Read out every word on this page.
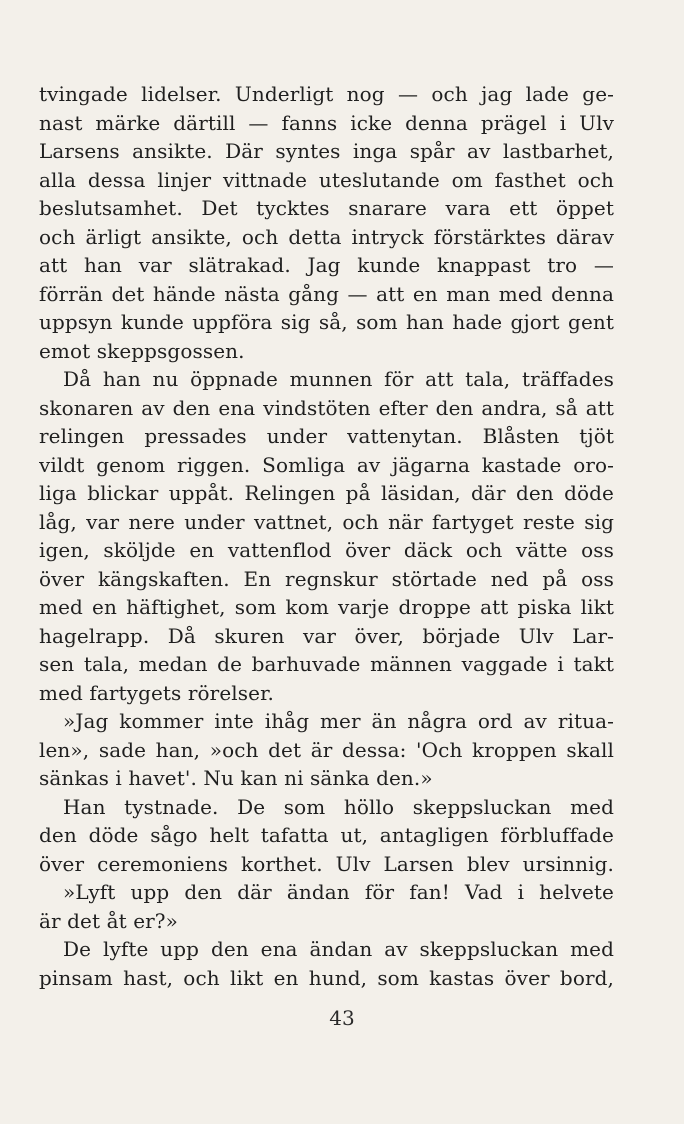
tvingade lidelser. Underligt nog — och jag lade ge-
nast märke därtill — fanns icke denna prägel i Ulv
Larsens ansikte. Där syntes inga spår av lastbarhet,
alla dessa linjer vittnade uteslutande om fasthet och
beslutsamhet. Det tycktes snarare vara ett öppet
och ärligt ansikte, och detta intryck förstärktes därav
att han var slätrakad. Jag kunde knappast tro —
förrän det hände nästa gång — att en man med denna
uppsyn kunde uppföra sig så, som han hade gjort gent
emot skeppsgossen.
Då han nu öppnade munnen för att tala, träffades
skonaren av den ena vindstöten efter den andra, så att
relingen pressades under vattenytan. Blåsten tjöt
vildt genom riggen. Somliga av jägarna kastade oro-
liga blickar uppåt. Relingen på läsidan, där den döde
låg, var nere under vattnet, och när fartyget reste sig
igen, sköljde en vattenflod över däck och vätte oss
över kängskaften. En regnskur störtade ned på oss
med en häftighet, som kom varje droppe att piska likt
hagelrapp. Då skuren var över, började Ulv Lar-
sen tala, medan de barhuvade männen vaggade i takt
med fartygets rörelser.
»Jag kommer inte ihåg mer än några ord av ritua-
len», sade han, »och det är dessa: 'Och kroppen skall
sänkas i havet'. Nu kan ni sänka den.»
Han tystnade. De som höllo skeppsluckan med
den döde sågo helt tafatta ut, antagligen förbluffade
över ceremoniens korthet. Ulv Larsen blev ursinnig.
»Lyft upp den där ändan för fan! Vad i helvete
är det åt er?»
De lyfte upp den ena ändan av skeppsluckan med
pinsam hast, och likt en hund, som kastas över bord,
43
